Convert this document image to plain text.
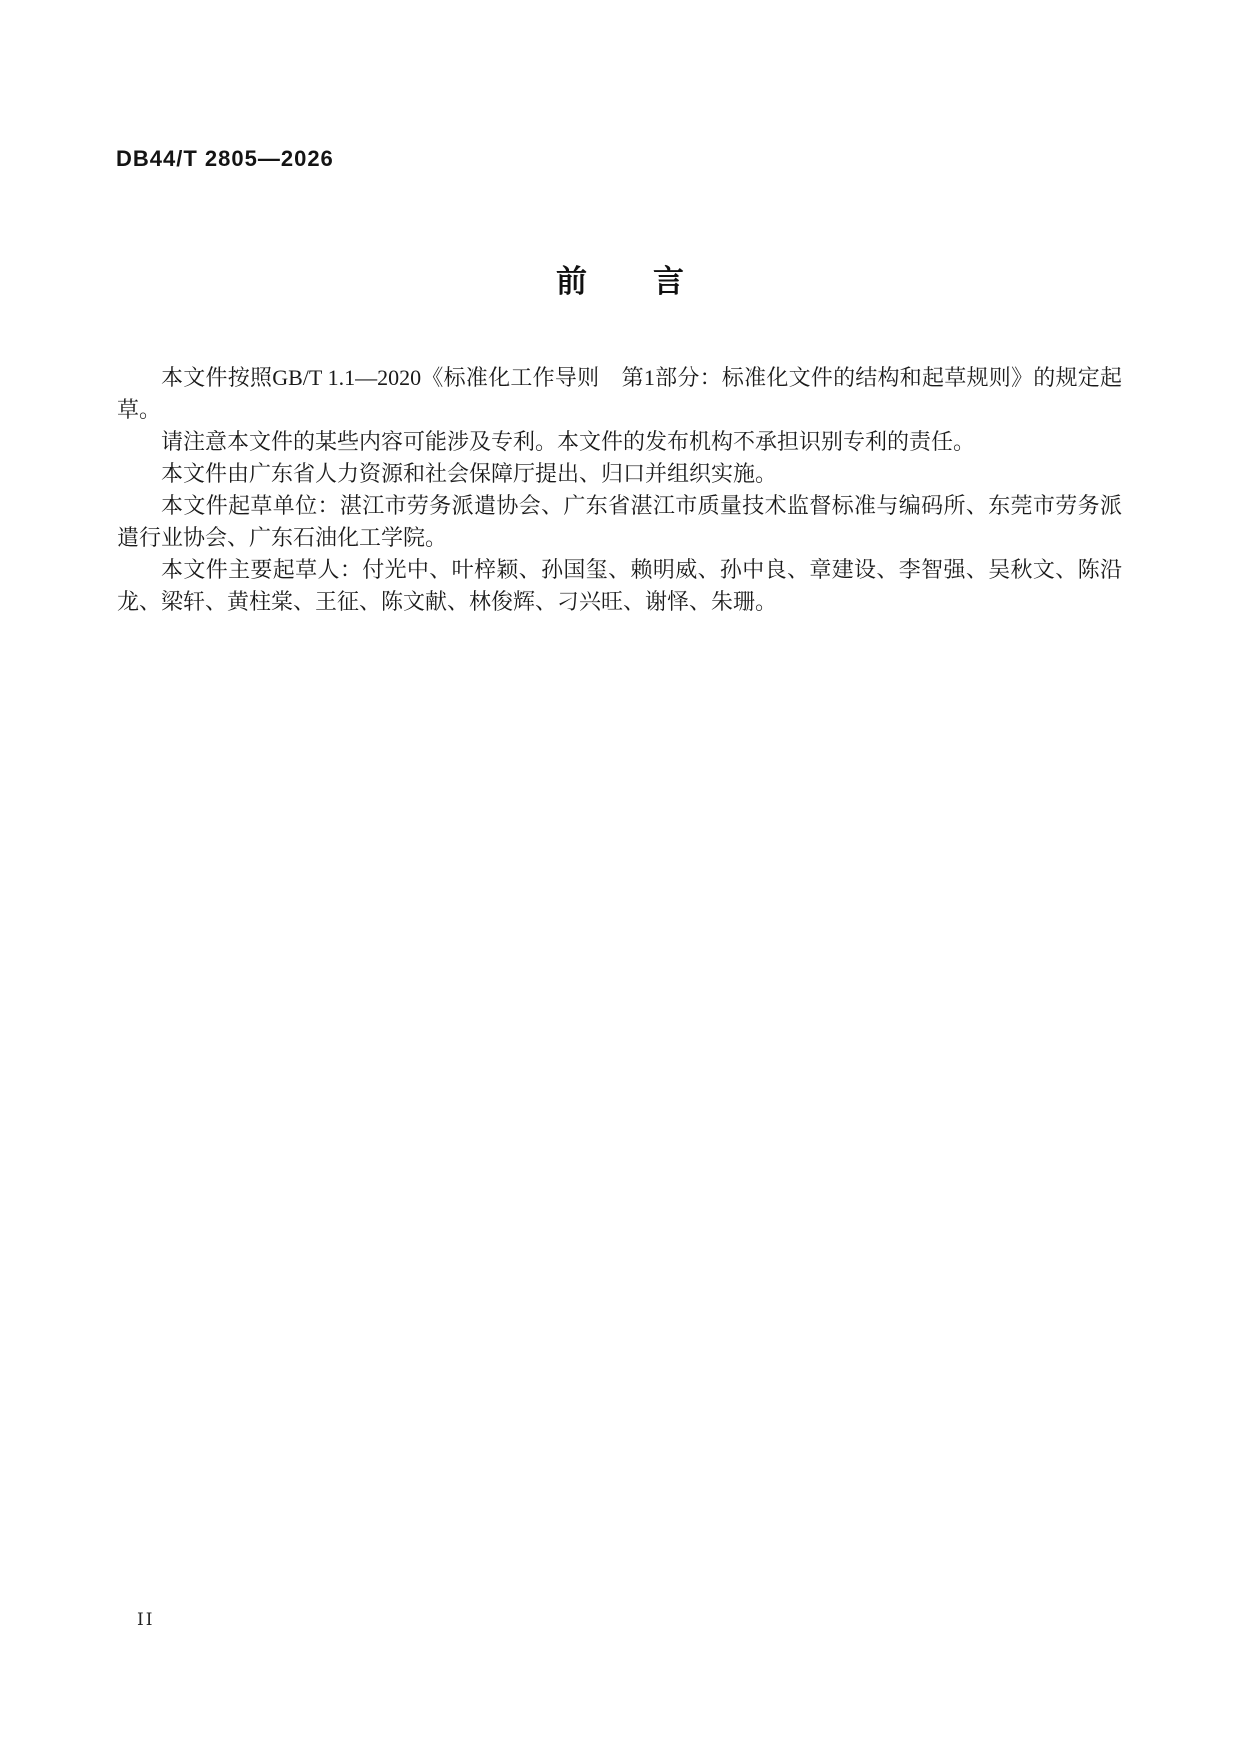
DB44/T 2805—2026
前 言

本文件按照GB/T 1.1—2020《标准化工作导则　第1部分：标准化文件的结构和起草规则》的规定起草。

请注意本文件的某些内容可能涉及专利。本文件的发布机构不承担识别专利的责任。

本文件由广东省人力资源和社会保障厅提出、归口并组织实施。

本文件起草单位：湛江市劳务派遣协会、广东省湛江市质量技术监督标准与编码所、东莞市劳务派遣行业协会、广东石油化工学院。

本文件主要起草人：付光中、叶梓颖、孙国玺、赖明威、孙中良、章建设、李智强、吴秋文、陈沿龙、梁轩、黄柱棠、王征、陈文献、林俊辉、刁兴旺、谢怿、朱珊。

II
